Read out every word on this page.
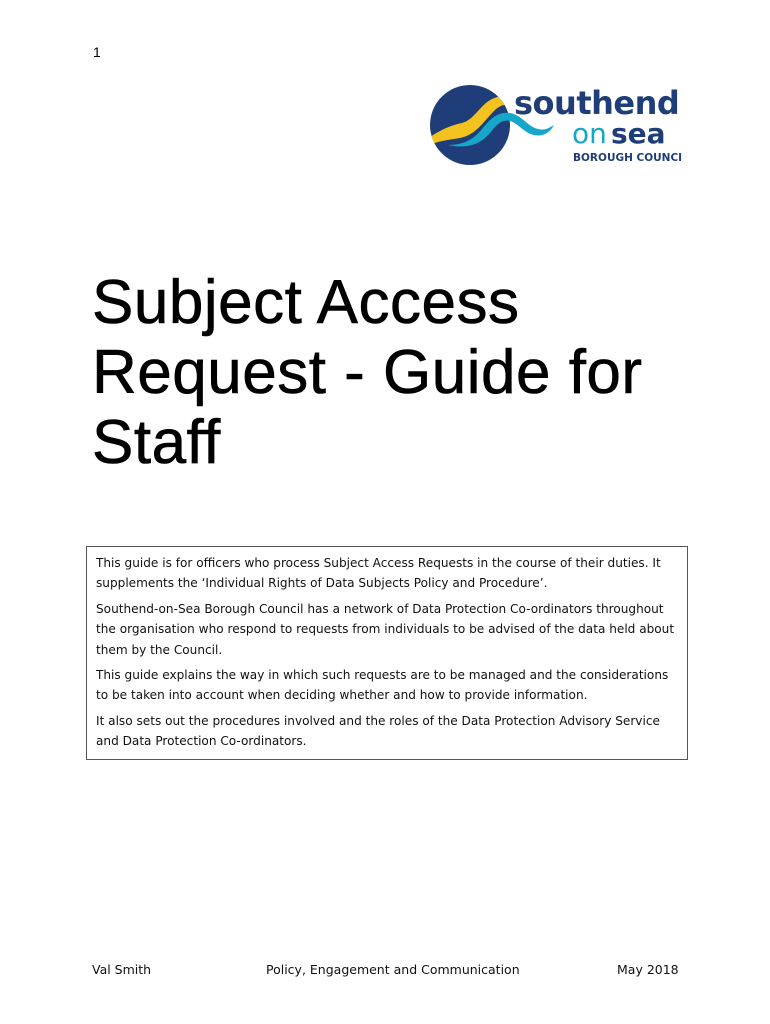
1
southend
on sea
BOROUGH COUNCIL
Subject Access
Request - Guide for
Staff

This guide is for officers who process Subject Access Requests in the course of their duties. It supplements the ‘Individual Rights of Data Subjects Policy and Procedure’.

Southend-on-Sea Borough Council has a network of Data Protection Co-ordinators throughout the organisation who respond to requests from individuals to be advised of the data held about them by the Council.

This guide explains the way in which such requests are to be managed and the considerations to be taken into account when deciding whether and how to provide information.

It also sets out the procedures involved and the roles of the Data Protection Advisory Service and Data Protection Co-ordinators.

Val Smith	Policy, Engagement and Communication	May 2018
